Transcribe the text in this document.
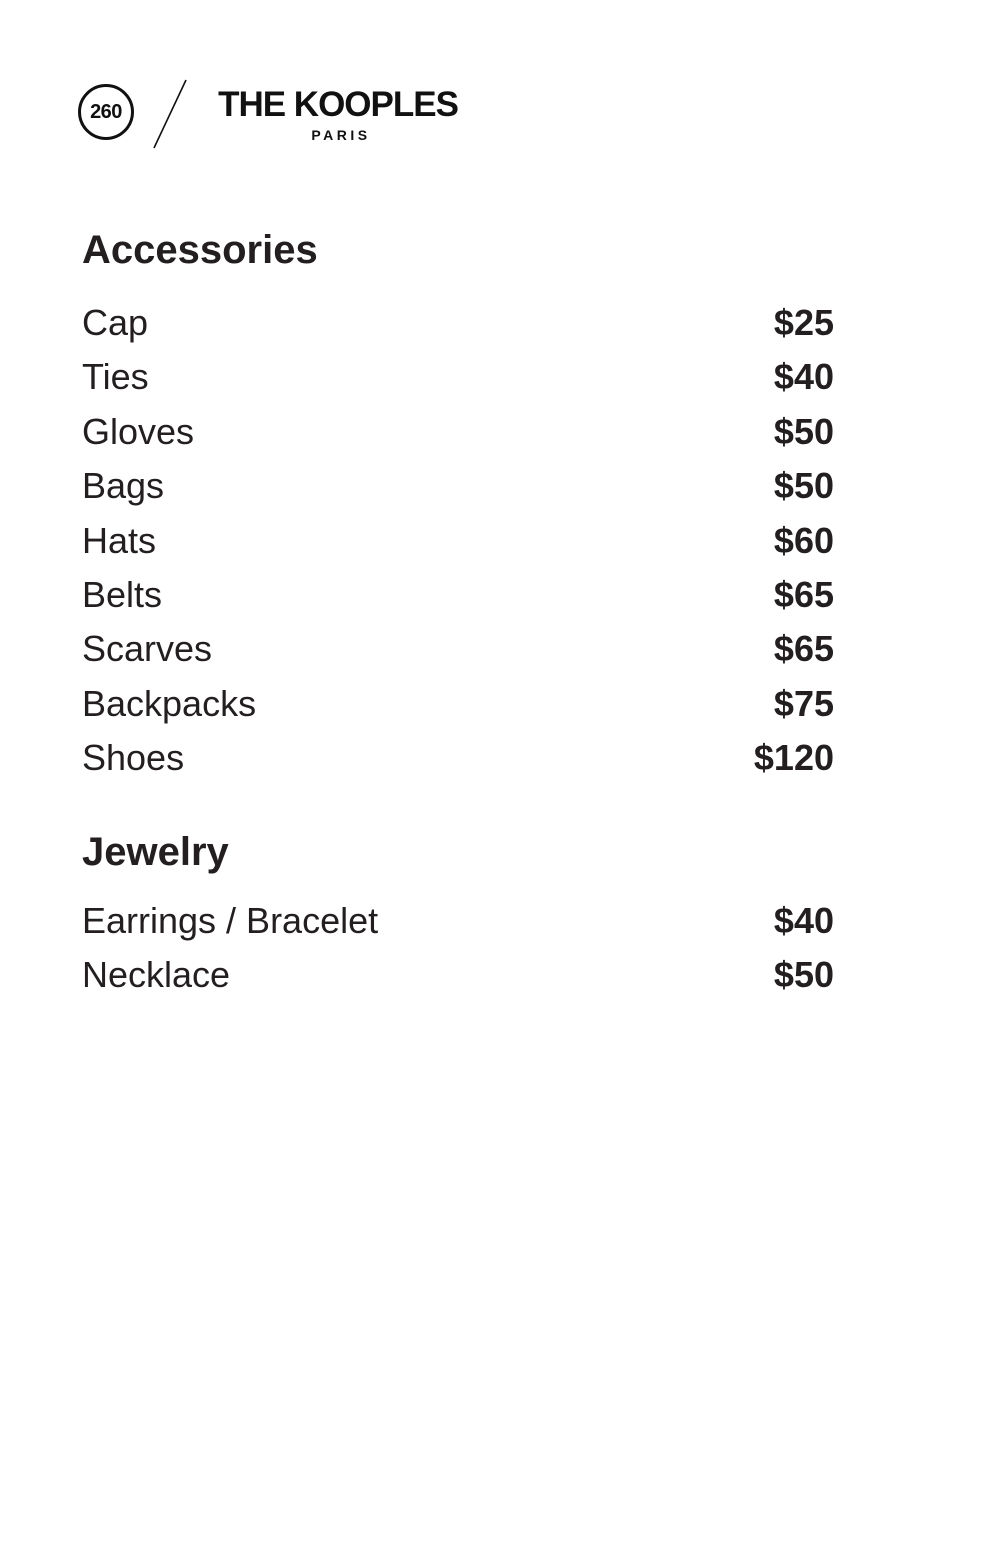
260	THE KOOPLES
PARIS
Accessories
Cap	$25
Ties	$40
Gloves	$50
Bags	$50
Hats	$60
Belts	$65
Scarves	$65
Backpacks	$75
Shoes	$120
Jewelry
Earrings / Bracelet	$40
Necklace	$50
